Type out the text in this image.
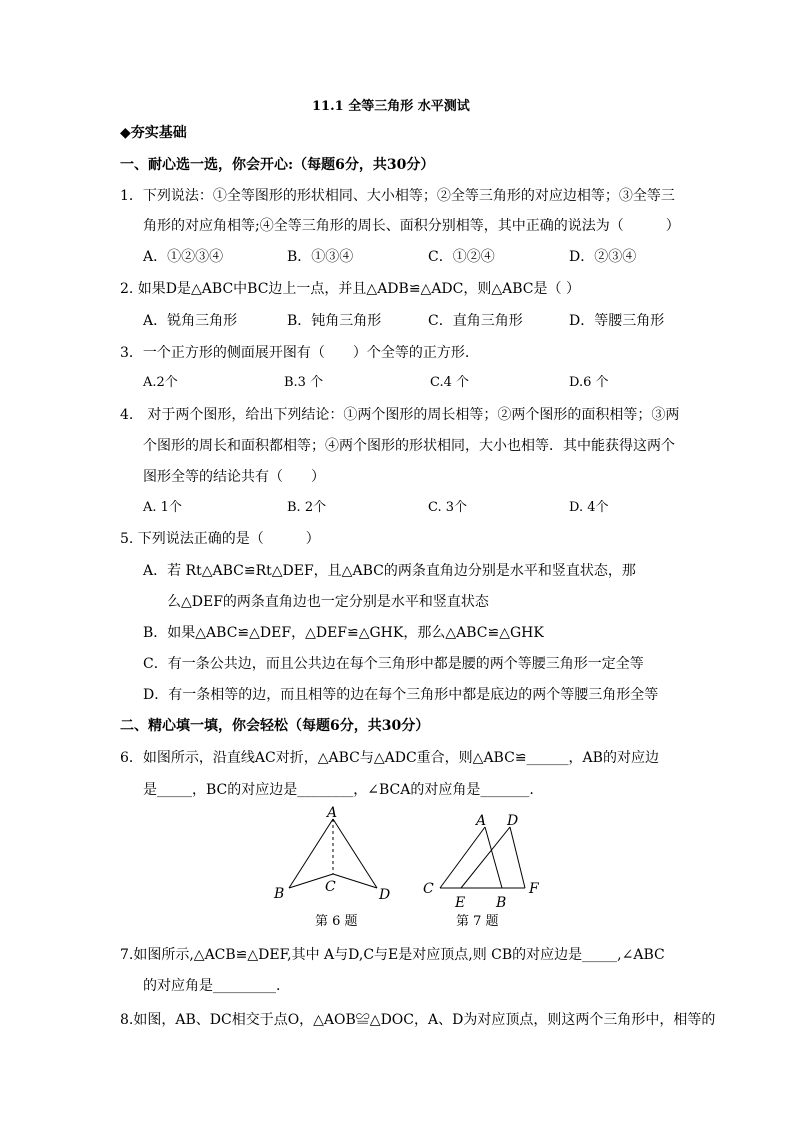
11.1 全等三角形 水平测试
◆夯实基础
一、耐心选一选，你会开心:（每题6分，共30分）
1．下列说法：①全等图形的形状相同、大小相等；②全等三角形的对应边相等；③全等三
角形的对应角相等;④全等三角形的周长、面积分别相等，其中正确的说法为（　　　）
A．①②③④	B．①③④	C．①②④	D．②③④
2. 如果D是△ABC中BC边上一点，并且△ADB≌△ADC，则△ABC是（ ）
A．锐角三角形	B．钝角三角形	C．直角三角形	D．等腰三角形
3．一个正方形的侧面展开图有（　　）个全等的正方形.
A.2个	B.3 个	C.4 个	D.6 个
4.　对于两个图形，给出下列结论：①两个图形的周长相等；②两个图形的面积相等；③两
个图形的周长和面积都相等；④两个图形的形状相同，大小也相等．其中能获得这两个
图形全等的结论共有（　　）
A. 1个	B. 2个	C. 3个	D. 4个
5. 下列说法正确的是（　　　）
A．若 Rt△ABC≌Rt△DEF，且△ABC的两条直角边分别是水平和竖直状态，那
么△DEF的两条直角边也一定分别是水平和竖直状态
B．如果△ABC≌△DEF，△DEF≌△GHK，那么△ABC≌△GHK
C．有一条公共边，而且公共边在每个三角形中都是腰的两个等腰三角形一定全等
D．有一条相等的边，而且相等的边在每个三角形中都是底边的两个等腰三角形全等
二、精心填一填，你会轻松（每题6分，共30分）
6．如图所示，沿直线AC对折，△ABC与△ADC重合，则△ABC≌______，AB的对应边
是_____，BC的对应边是________，∠BCA的对应角是_______.
A
B	C	D
第 6 题
A D
C
E B
F
第 7 题
7.如图所示,△ACB≌△DEF,其中 A与D,C与E是对应顶点,则 CB的对应边是_____,∠ABC
的对应角是_________.
8.如图，AB、DC相交于点O，△AOB≌△DOC，A、D为对应顶点，则这两个三角形中，相等的
